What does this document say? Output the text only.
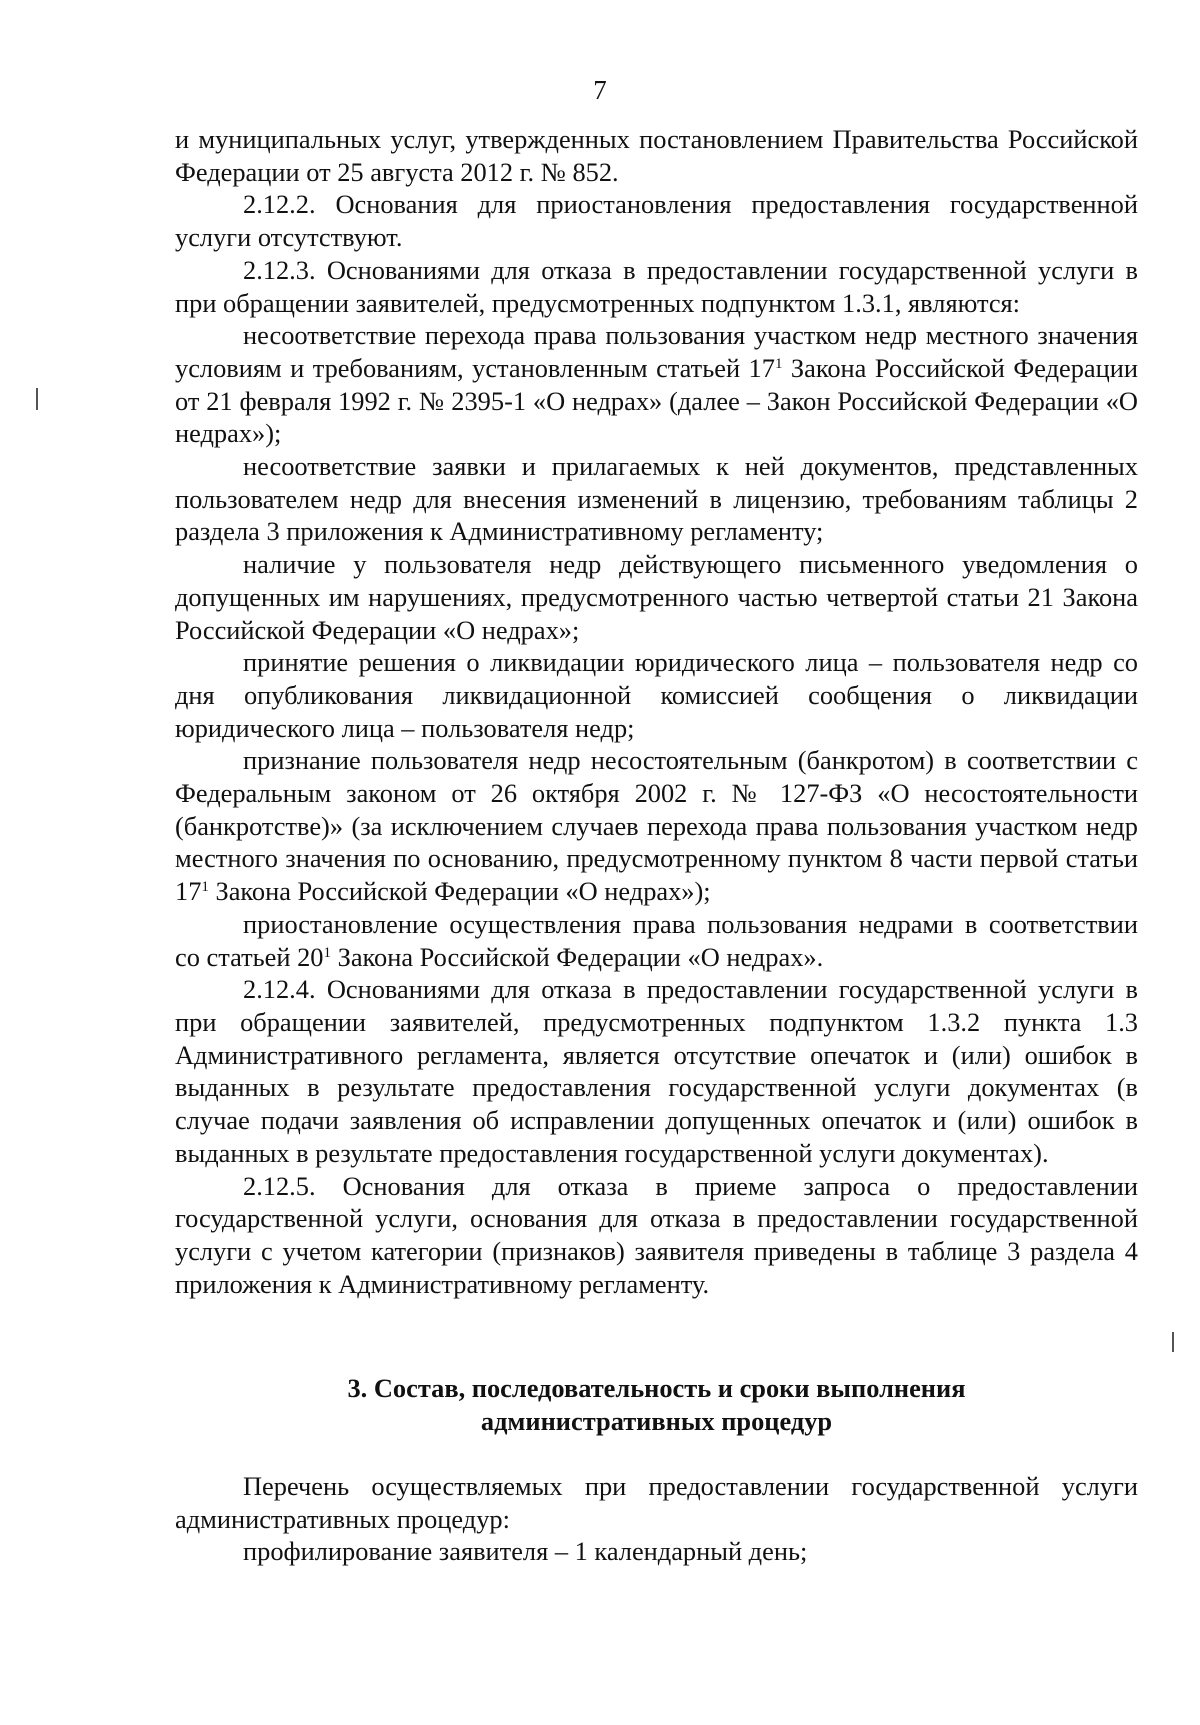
7

и муниципальных услуг, утвержденных постановлением Правительства Российской Федерации от 25 августа 2012 г. № 852.

2.12.2. Основания для приостановления предоставления государственной услуги отсутствуют.

2.12.3. Основаниями для отказа в предоставлении государственной услуги в при обращении заявителей, предусмотренных подпунктом 1.3.1, являются:

несоответствие перехода права пользования участком недр местного значения условиям и требованиям, установленным статьей $17^1$ Закона Российской Федерации от 21 февраля 1992 г. № 2395-1 «О недрах» (далее – Закон Российской Федерации «О недрах»);

несоответствие заявки и прилагаемых к ней документов, представленных пользователем недр для внесения изменений в лицензию, требованиям таблицы 2 раздела 3 приложения к Административному регламенту;

наличие у пользователя недр действующего письменного уведомления о допущенных им нарушениях, предусмотренного частью четвертой статьи 21 Закона Российской Федерации «О недрах»;

принятие решения о ликвидации юридического лица – пользователя недр со дня опубликования ликвидационной комиссией сообщения о ликвидации юридического лица – пользователя недр;

признание пользователя недр несостоятельным (банкротом) в соответствии с Федеральным законом от 26 октября 2002 г. № 127-ФЗ «О несостоятельности (банкротстве)» (за исключением случаев перехода права пользования участком недр местного значения по основанию, предусмотренному пунктом 8 части первой статьи $17^1$ Закона Российской Федерации «О недрах»);

приостановление осуществления права пользования недрами в соответствии со статьей $20^1$ Закона Российской Федерации «О недрах».

2.12.4. Основаниями для отказа в предоставлении государственной услуги в при обращении заявителей, предусмотренных подпунктом 1.3.2 пункта 1.3 Административного регламента, является отсутствие опечаток и (или) ошибок в выданных в результате предоставления государственной услуги документах (в случае подачи заявления об исправлении допущенных опечаток и (или) ошибок в выданных в результате предоставления государственной услуги документах).

2.12.5. Основания для отказа в приеме запроса о предоставлении государственной услуги, основания для отказа в предоставлении государственной услуги с учетом категории (признаков) заявителя приведены в таблице 3 раздела 4 приложения к Административному регламенту.

3. Состав, последовательность и сроки выполнения
административных процедур

Перечень осуществляемых при предоставлении государственной услуги административных процедур:

профилирование заявителя – 1 календарный день;
